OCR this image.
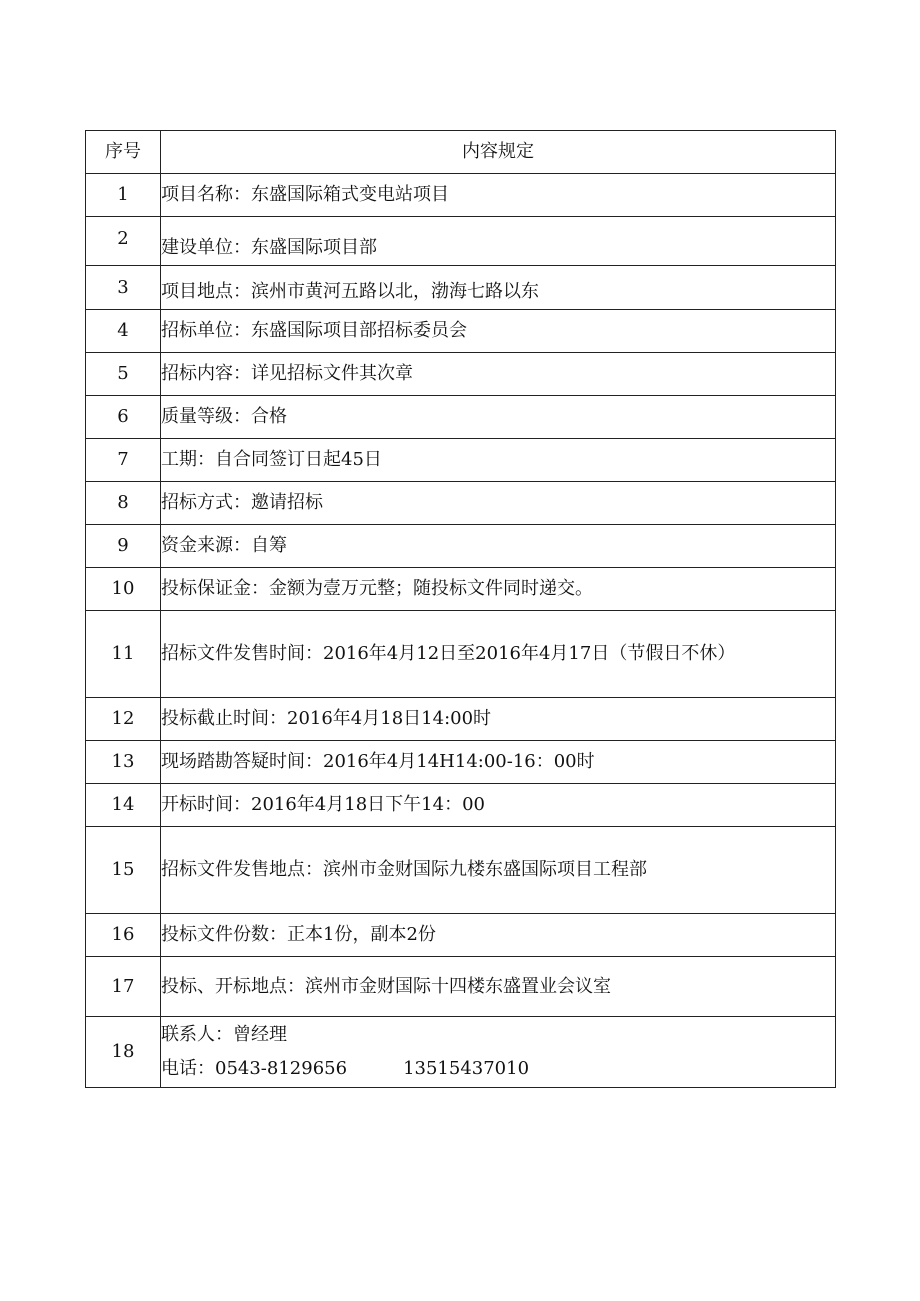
序号	内容规定
1	项目名称：东盛国际箱式变电站项目
2	建设单位：东盛国际项目部
3	项目地点：滨州市黄河五路以北，渤海七路以东
4	招标单位：东盛国际项目部招标委员会
5	招标内容：详见招标文件其次章
6	质量等级：合格
7	工期：自合同签订日起45日
8	招标方式：邀请招标
9	资金来源：自筹
10	投标保证金：金额为壹万元整；随投标文件同时递交。
11	招标文件发售时间：2016年4月12日至2016年4月17日（节假日不休）
12	投标截止时间：2016年4月18日14:00时
13	现场踏勘答疑时间：2016年4月14H14:00-16：00时
14	开标时间：2016年4月18日下午14：00
15	招标文件发售地点：滨州市金财国际九楼东盛国际项目工程部
16	投标文件份数：正本1份，副本2份
17	投标、开标地点：滨州市金财国际十四楼东盛置业会议室
18	联系人：曾经理
电话：0543-8129656 13515437010
